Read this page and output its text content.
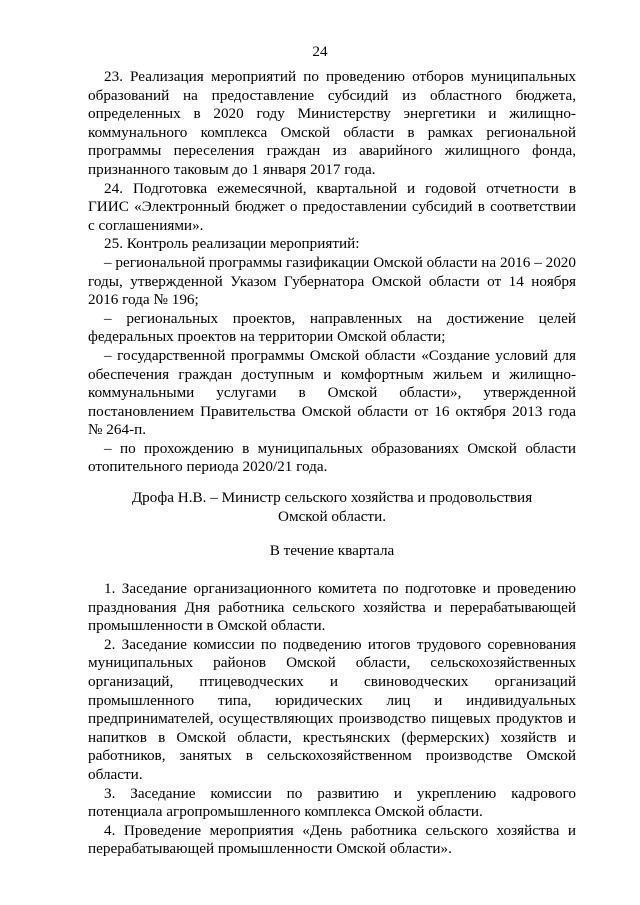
24

23. Реализация мероприятий по проведению отборов муниципальных образований на предоставление субсидий из областного бюджета, определенных в 2020 году Министерству энергетики и жилищно-коммунального комплекса Омской области в рамках региональной программы переселения граждан из аварийного жилищного фонда, признанного таковым до 1 января 2017 года.

24. Подготовка ежемесячной, квартальной и годовой отчетности в ГИИС «Электронный бюджет о предоставлении субсидий в соответствии с соглашениями».

25. Контроль реализации мероприятий:

– региональной программы газификации Омской области на 2016 – 2020 годы, утвержденной Указом Губернатора Омской области от 14 ноября 2016 года № 196;

– региональных проектов, направленных на достижение целей федеральных проектов на территории Омской области;

– государственной программы Омской области «Создание условий для обеспечения граждан доступным и комфортным жильем и жилищно-коммунальными услугами в Омской области», утвержденной постановлением Правительства Омской области от 16 октября 2013 года № 264-п.

– по прохождению в муниципальных образованиях Омской области отопительного периода 2020/21 года.

Дрофа Н.В. – Министр сельского хозяйства и продовольствия

Омской области.

В течение квартала

1. Заседание организационного комитета по подготовке и проведению празднования Дня работника сельского хозяйства и перерабатывающей промышленности в Омской области.

2. Заседание комиссии по подведению итогов трудового соревнования муниципальных районов Омской области, сельскохозяйственных организаций, птицеводческих и свиноводческих организаций промышленного типа, юридических лиц и индивидуальных предпринимателей, осуществляющих производство пищевых продуктов и напитков в Омской области, крестьянских (фермерских) хозяйств и работников, занятых в сельскохозяйственном производстве Омской области.

3. Заседание комиссии по развитию и укреплению кадрового потенциала агропромышленного комплекса Омской области.

4. Проведение мероприятия «День работника сельского хозяйства и перерабатывающей промышленности Омской области».
